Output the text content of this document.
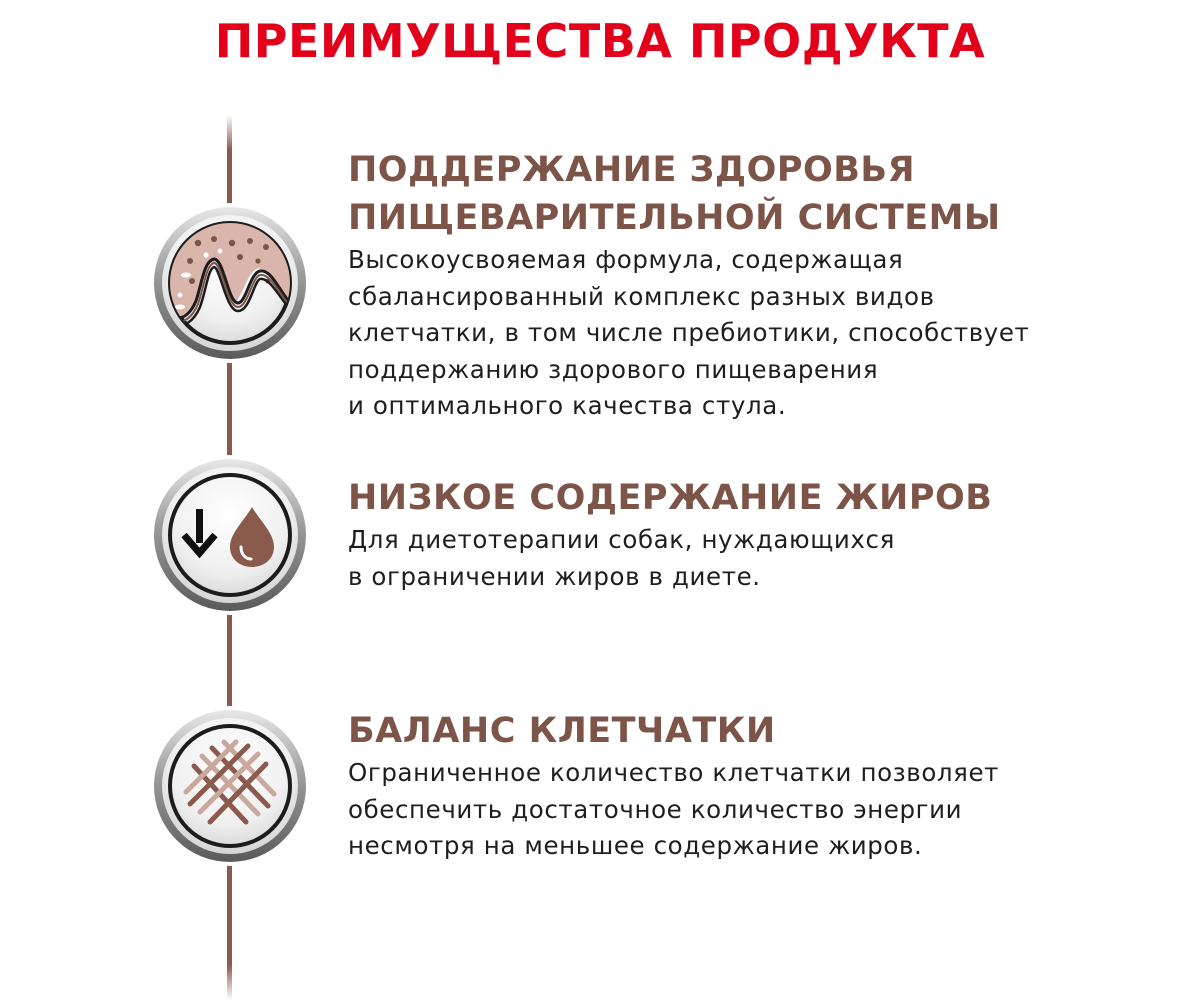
ПРЕИМУЩЕСТВА ПРОДУКТА
ПОДДЕРЖАНИЕ ЗДОРОВЬЯ
ПИЩЕВАРИТЕЛЬНОЙ СИСТЕМЫ

Высокоусвояемая формула, содержащая
сбалансированный комплекс разных видов
клетчатки, в том числе пребиотики, способствует
поддержанию здорового пищеварения
и оптимального качества стула.

НИЗКОЕ СОДЕРЖАНИЕ ЖИРОВ

Для диетотерапии собак, нуждающихся
в ограничении жиров в диете.

БАЛАНС КЛЕТЧАТКИ

Ограниченное количество клетчатки позволяет
обеспечить достаточное количество энергии
несмотря на меньшее содержание жиров.
